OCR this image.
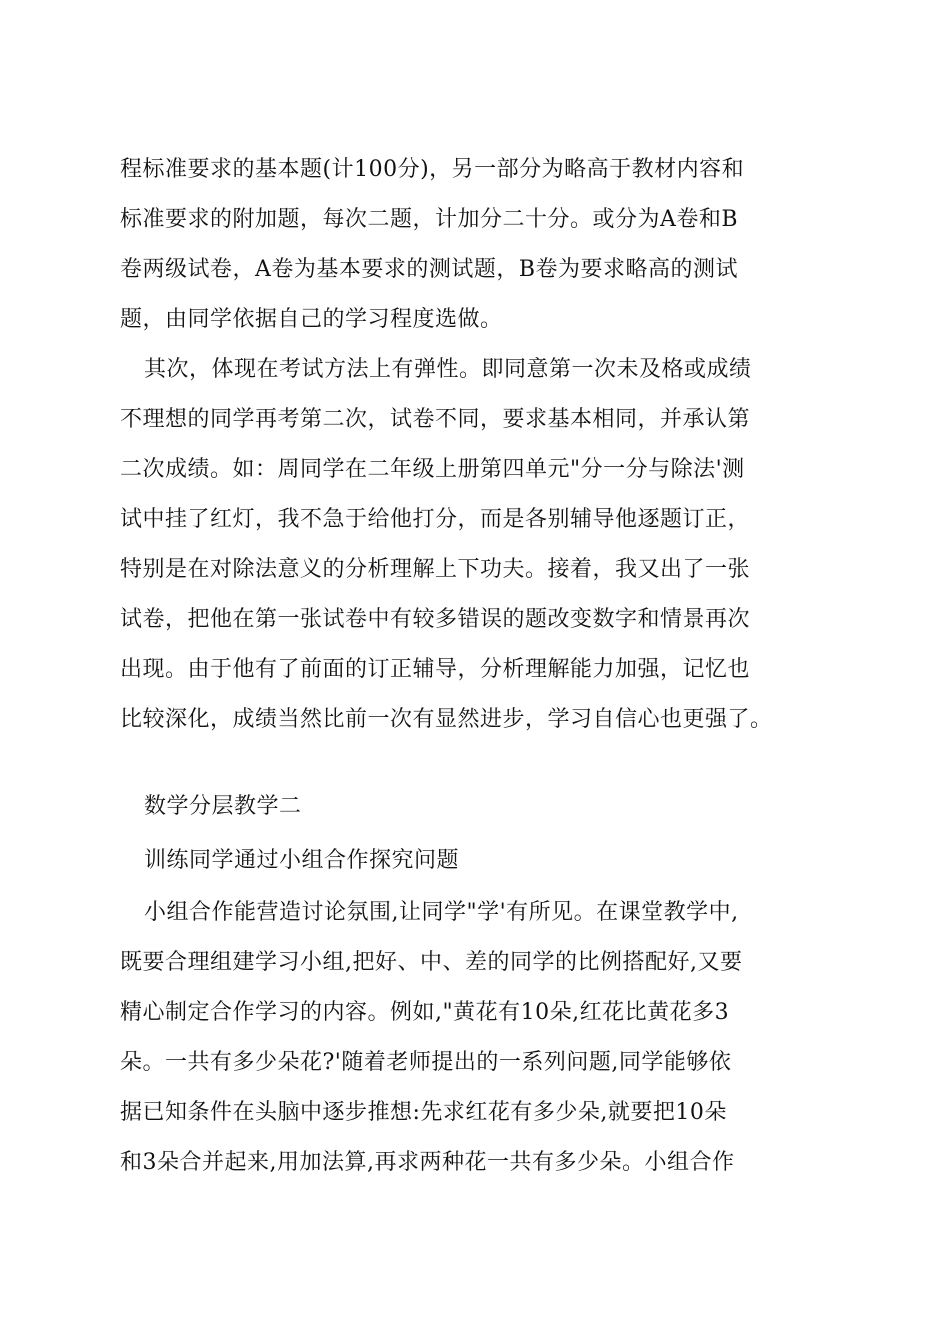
程标准要求的基本题(计100分)，另一部分为略高于教材内容和
标准要求的附加题，每次二题，计加分二十分。或分为A卷和B
卷两级试卷，A卷为基本要求的测试题，B卷为要求略高的测试
题，由同学依据自己的学习程度选做。
其次，体现在考试方法上有弹性。即同意第一次未及格或成绩
不理想的同学再考第二次，试卷不同，要求基本相同，并承认第
二次成绩。如：周同学在二年级上册第四单元"分一分与除法'测
试中挂了红灯，我不急于给他打分，而是各别辅导他逐题订正，
特别是在对除法意义的分析理解上下功夫。接着，我又出了一张
试卷，把他在第一张试卷中有较多错误的题改变数字和情景再次
出现。由于他有了前面的订正辅导，分析理解能力加强，记忆也
比较深化，成绩当然比前一次有显然进步，学习自信心也更强了。
数学分层教学二
训练同学通过小组合作探究问题
小组合作能营造讨论氛围,让同学"学'有所见。在课堂教学中,
既要合理组建学习小组,把好、中、差的同学的比例搭配好,又要
精心制定合作学习的内容。例如,"黄花有10朵,红花比黄花多3
朵。一共有多少朵花?'随着老师提出的一系列问题,同学能够依
据已知条件在头脑中逐步推想:先求红花有多少朵,就要把10朵
和3朵合并起来,用加法算,再求两种花一共有多少朵。小组合作
